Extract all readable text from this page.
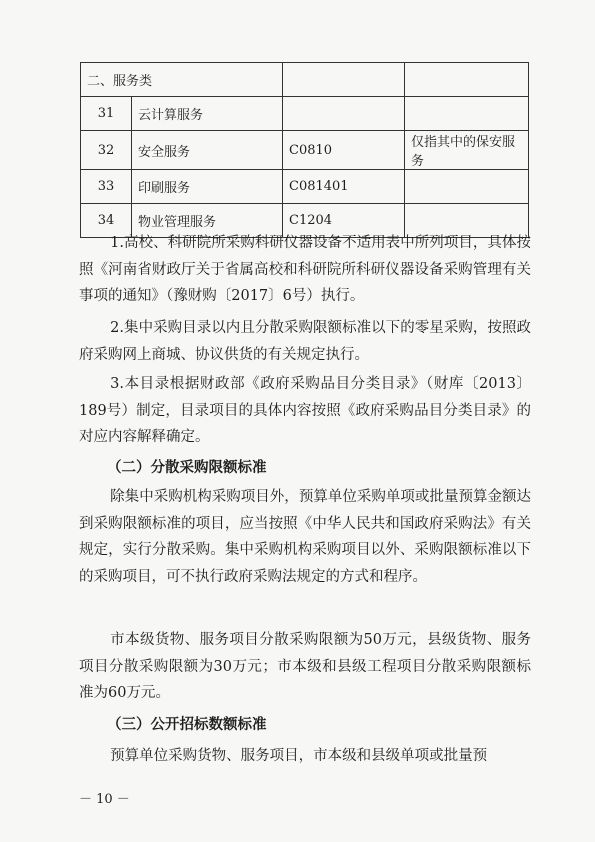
二、服务类			
31	云计算服务		
32	安全服务	C0810	仅指其中的保安服务
33	印刷服务	C081401	
34	物业管理服务	C1204	

1.高校、科研院所采购科研仪器设备不适用表中所列项目，具体按照《河南省财政厅关于省属高校和科研院所科研仪器设备采购管理有关事项的通知》（豫财购〔2017〕6号）执行。

2.集中采购目录以内且分散采购限额标准以下的零星采购，按照政府采购网上商城、协议供货的有关规定执行。

3.本目录根据财政部《政府采购品目分类目录》（财库〔2013〕189号）制定，目录项目的具体内容按照《政府采购品目分类目录》的对应内容解释确定。

（二）分散采购限额标准

除集中采购机构采购项目外，预算单位采购单项或批量预算金额达到采购限额标准的项目，应当按照《中华人民共和国政府采购法》有关规定，实行分散采购。集中采购机构采购项目以外、采购限额标准以下的采购项目，可不执行政府采购法规定的方式和程序。

市本级货物、服务项目分散采购限额为50万元，县级货物、服务项目分散采购限额为30万元；市本级和县级工程项目分散采购限额标准为60万元。

（三）公开招标数额标准

预算单位采购货物、服务项目，市本级和县级单项或批量预

－ 10 －
